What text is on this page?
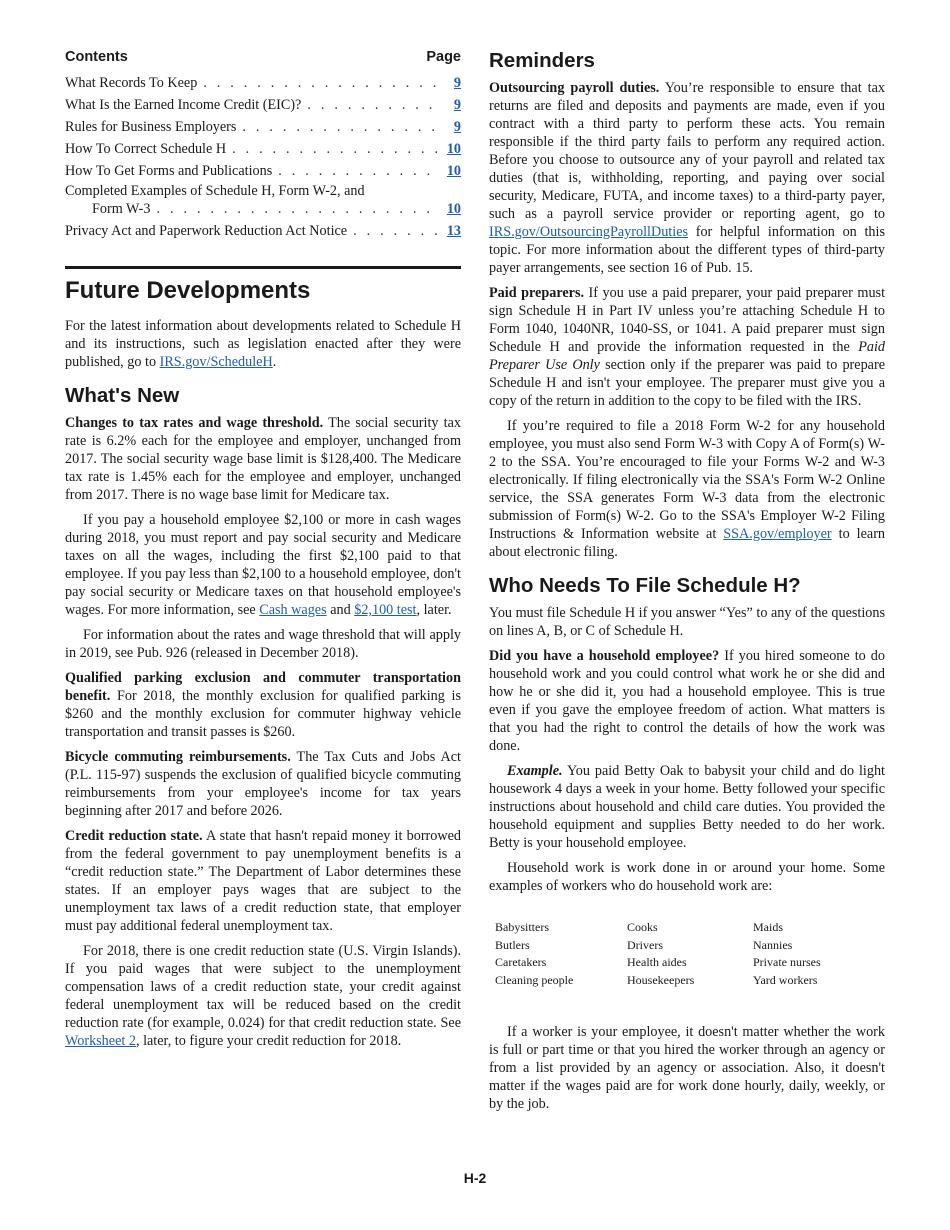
Contents	Page
What Records To Keep . . .	9
What Is the Earned Income Credit (EIC)? . . .	9
Rules for Business Employers . . .	9
How To Correct Schedule H . . .	10
How To Get Forms and Publications . . .	10
Completed Examples of Schedule H, Form W-2, and
Form W-3 . . .	10
Privacy Act and Paperwork Reduction Act Notice . . .	13
Future Developments

For the latest information about developments related to Schedule H and its instructions, such as legislation enacted after they were published, go to IRS.gov/ScheduleH.

What's New

Changes to tax rates and wage threshold. The social security tax rate is 6.2% each for the employee and employer, unchanged from 2017. The social security wage base limit is $128,400. The Medicare tax rate is 1.45% each for the employee and employer, unchanged from 2017. There is no wage base limit for Medicare tax.

If you pay a household employee $2,100 or more in cash wages during 2018, you must report and pay social security and Medicare taxes on all the wages, including the first $2,100 paid to that employee. If you pay less than $2,100 to a household employee, don't pay social security or Medicare taxes on that household employee's wages. For more information, see Cash wages and $2,100 test, later.

For information about the rates and wage threshold that will apply in 2019, see Pub. 926 (released in December 2018).

Qualified parking exclusion and commuter transportation benefit. For 2018, the monthly exclusion for qualified parking is $260 and the monthly exclusion for commuter highway vehicle transportation and transit passes is $260.

Bicycle commuting reimbursements. The Tax Cuts and Jobs Act (P.L. 115-97) suspends the exclusion of qualified bicycle commuting reimbursements from your employee's income for tax years beginning after 2017 and before 2026.

Credit reduction state. A state that hasn't repaid money it borrowed from the federal government to pay unemployment benefits is a “credit reduction state.” The Department of Labor determines these states. If an employer pays wages that are subject to the unemployment tax laws of a credit reduction state, that employer must pay additional federal unemployment tax.

For 2018, there is one credit reduction state (U.S. Virgin Islands). If you paid wages that were subject to the unemployment compensation laws of a credit reduction state, your credit against federal unemployment tax will be reduced based on the credit reduction rate (for example, 0.024) for that credit reduction state. See Worksheet 2, later, to figure your credit reduction for 2018.

Reminders

Outsourcing payroll duties. You’re responsible to ensure that tax returns are filed and deposits and payments are made, even if you contract with a third party to perform these acts. You remain responsible if the third party fails to perform any required action. Before you choose to outsource any of your payroll and related tax duties (that is, withholding, reporting, and paying over social security, Medicare, FUTA, and income taxes) to a third-party payer, such as a payroll service provider or reporting agent, go to IRS.gov/OutsourcingPayrollDuties for helpful information on this topic. For more information about the different types of third-party payer arrangements, see section 16 of Pub. 15.

Paid preparers. If you use a paid preparer, your paid preparer must sign Schedule H in Part IV unless you’re attaching Schedule H to Form 1040, 1040NR, 1040-SS, or 1041. A paid preparer must sign Schedule H and provide the information requested in the Paid Preparer Use Only section only if the preparer was paid to prepare Schedule H and isn't your employee. The preparer must give you a copy of the return in addition to the copy to be filed with the IRS.

If you’re required to file a 2018 Form W-2 for any household employee, you must also send Form W-3 with Copy A of Form(s) W-2 to the SSA. You’re encouraged to file your Forms W-2 and W-3 electronically. If filing electronically via the SSA's Form W-2 Online service, the SSA generates Form W-3 data from the electronic submission of Form(s) W-2. Go to the SSA's Employer W-2 Filing Instructions & Information website at SSA.gov/employer to learn about electronic filing.

Who Needs To File Schedule H?

You must file Schedule H if you answer “Yes” to any of the questions on lines A, B, or C of Schedule H.

Did you have a household employee? If you hired someone to do household work and you could control what work he or she did and how he or she did it, you had a household employee. This is true even if you gave the employee freedom of action. What matters is that you had the right to control the details of how the work was done.

Example. You paid Betty Oak to babysit your child and do light housework 4 days a week in your home. Betty followed your specific instructions about household and child care duties. You provided the household equipment and supplies Betty needed to do her work. Betty is your household employee.

Household work is work done in or around your home. Some examples of workers who do household work are:

Babysitters	Cooks	Maids
Butlers	Drivers	Nannies
Caretakers	Health aides	Private nurses
Cleaning people	Housekeepers	Yard workers

If a worker is your employee, it doesn't matter whether the work is full or part time or that you hired the worker through an agency or from a list provided by an agency or association. Also, it doesn't matter if the wages paid are for work done hourly, daily, weekly, or by the job.

H-2
